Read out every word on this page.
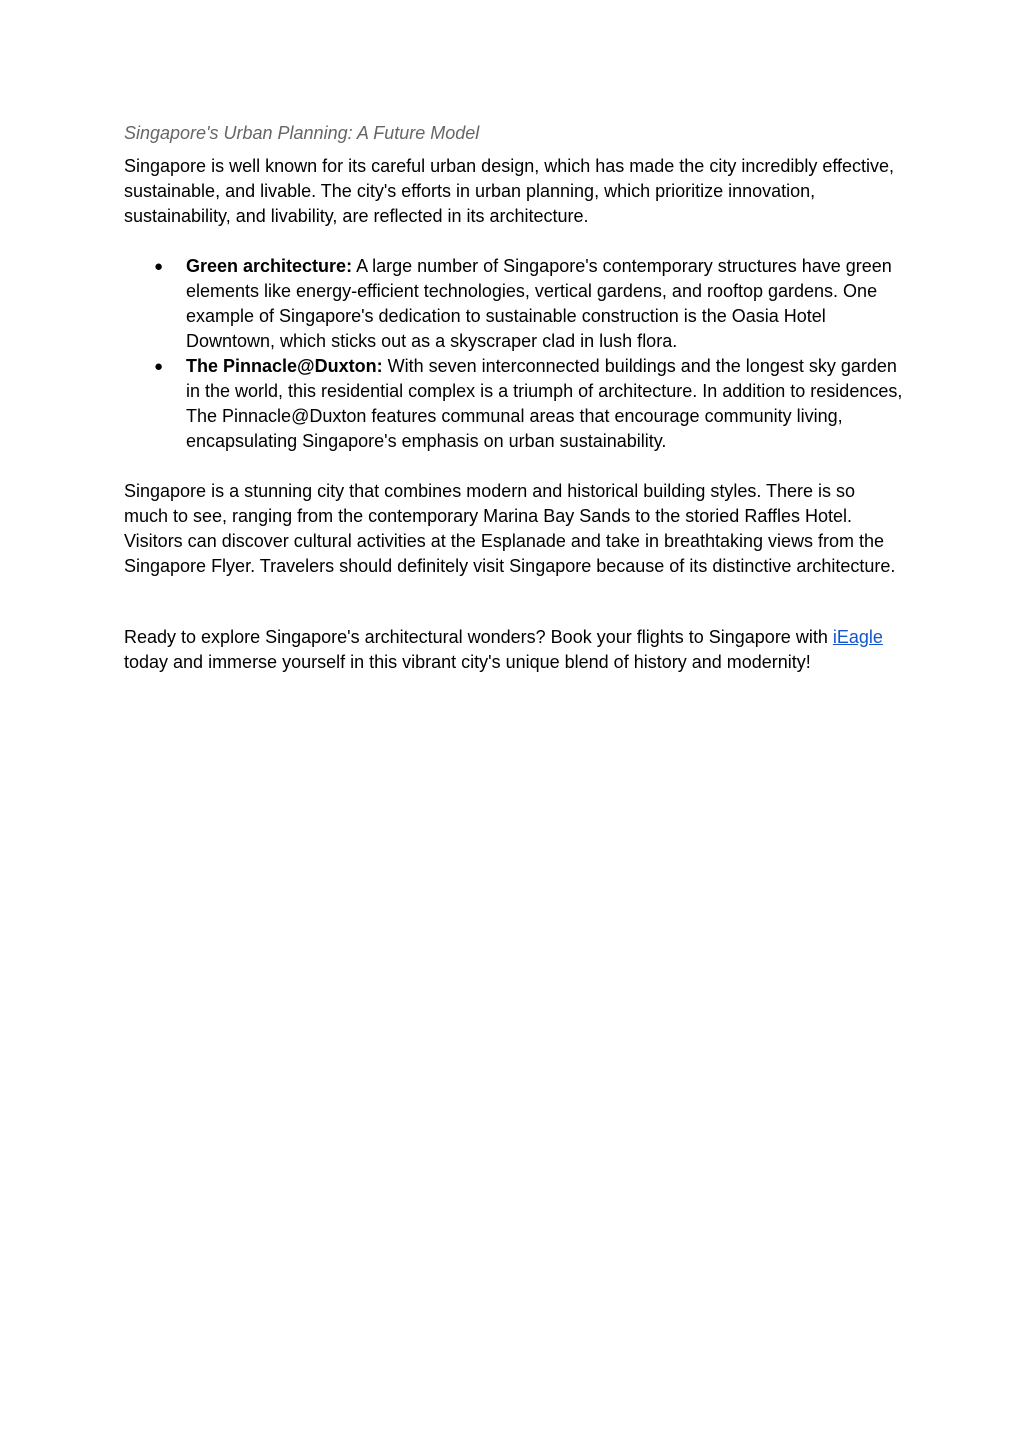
Singapore's Urban Planning: A Future Model

Singapore is well known for its careful urban design, which has made the city incredibly effective, sustainable, and livable. The city's efforts in urban planning, which prioritize innovation, sustainability, and livability, are reflected in its architecture.

● Green architecture: A large number of Singapore's contemporary structures have green elements like energy-efficient technologies, vertical gardens, and rooftop gardens. One example of Singapore's dedication to sustainable construction is the Oasia Hotel Downtown, which sticks out as a skyscraper clad in lush flora.
● The Pinnacle@Duxton: With seven interconnected buildings and the longest sky garden in the world, this residential complex is a triumph of architecture. In addition to residences, The Pinnacle@Duxton features communal areas that encourage community living, encapsulating Singapore's emphasis on urban sustainability.

Singapore is a stunning city that combines modern and historical building styles. There is so much to see, ranging from the contemporary Marina Bay Sands to the storied Raffles Hotel. Visitors can discover cultural activities at the Esplanade and take in breathtaking views from the Singapore Flyer. Travelers should definitely visit Singapore because of its distinctive architecture.

Ready to explore Singapore's architectural wonders? Book your flights to Singapore with iEagle today and immerse yourself in this vibrant city's unique blend of history and modernity!
